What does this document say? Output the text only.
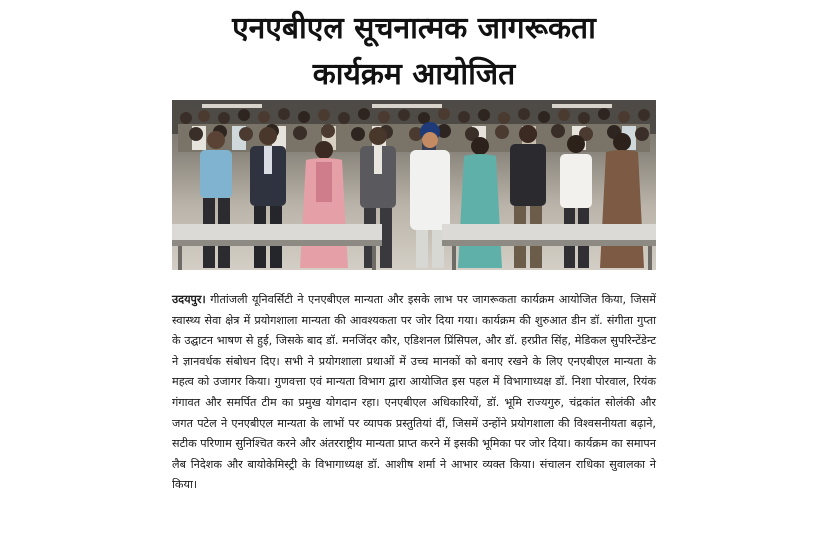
एनएबीएल सूचनात्मक जागरूकता
कार्यक्रम आयोजित

उदयपुर। गीतांजली यूनिवर्सिटी ने एनएबीएल मान्यता और इसके लाभ पर जागरूकता कार्यक्रम आयोजित किया, जिसमें स्वास्थ्य सेवा क्षेत्र में प्रयोगशाला मान्यता की आवश्यकता पर जोर दिया गया। कार्यक्रम की शुरुआत डीन डॉ. संगीता गुप्ता के उद्घाटन भाषण से हुई, जिसके बाद डॉ. मनजिंदर कौर, एडिशनल प्रिंसिपल, और डॉ. हरप्रीत सिंह, मेडिकल सुपरिन्टेंडेन्ट ने ज्ञानवर्धक संबोधन दिए। सभी ने प्रयोगशाला प्रथाओं में उच्च मानकों को बनाए रखने के लिए एनएबीएल मान्यता के महत्व को उजागर किया। गुणवत्ता एवं मान्यता विभाग द्वारा आयोजित इस पहल में विभागाध्यक्ष डॉ. निशा पोरवाल, रियंक गंगावत और समर्पित टीम का प्रमुख योगदान रहा। एनएबीएल अधिकारियों, डॉ. भूमि राज्यगुरु, चंद्रकांत सोलंकी और जगत पटेल ने एनएबीएल मान्यता के लाभों पर व्यापक प्रस्तुतियां दीं, जिसमें उन्होंने प्रयोगशाला की विश्वसनीयता बढ़ाने, सटीक परिणाम सुनिश्चित करने और अंतरराष्ट्रीय मान्यता प्राप्त करने में इसकी भूमिका पर जोर दिया। कार्यक्रम का समापन लैब निदेशक और बायोकेमिस्ट्री के विभागाध्यक्ष डॉ. आशीष शर्मा ने आभार व्यक्त किया। संचालन राधिका सुवालका ने किया।
